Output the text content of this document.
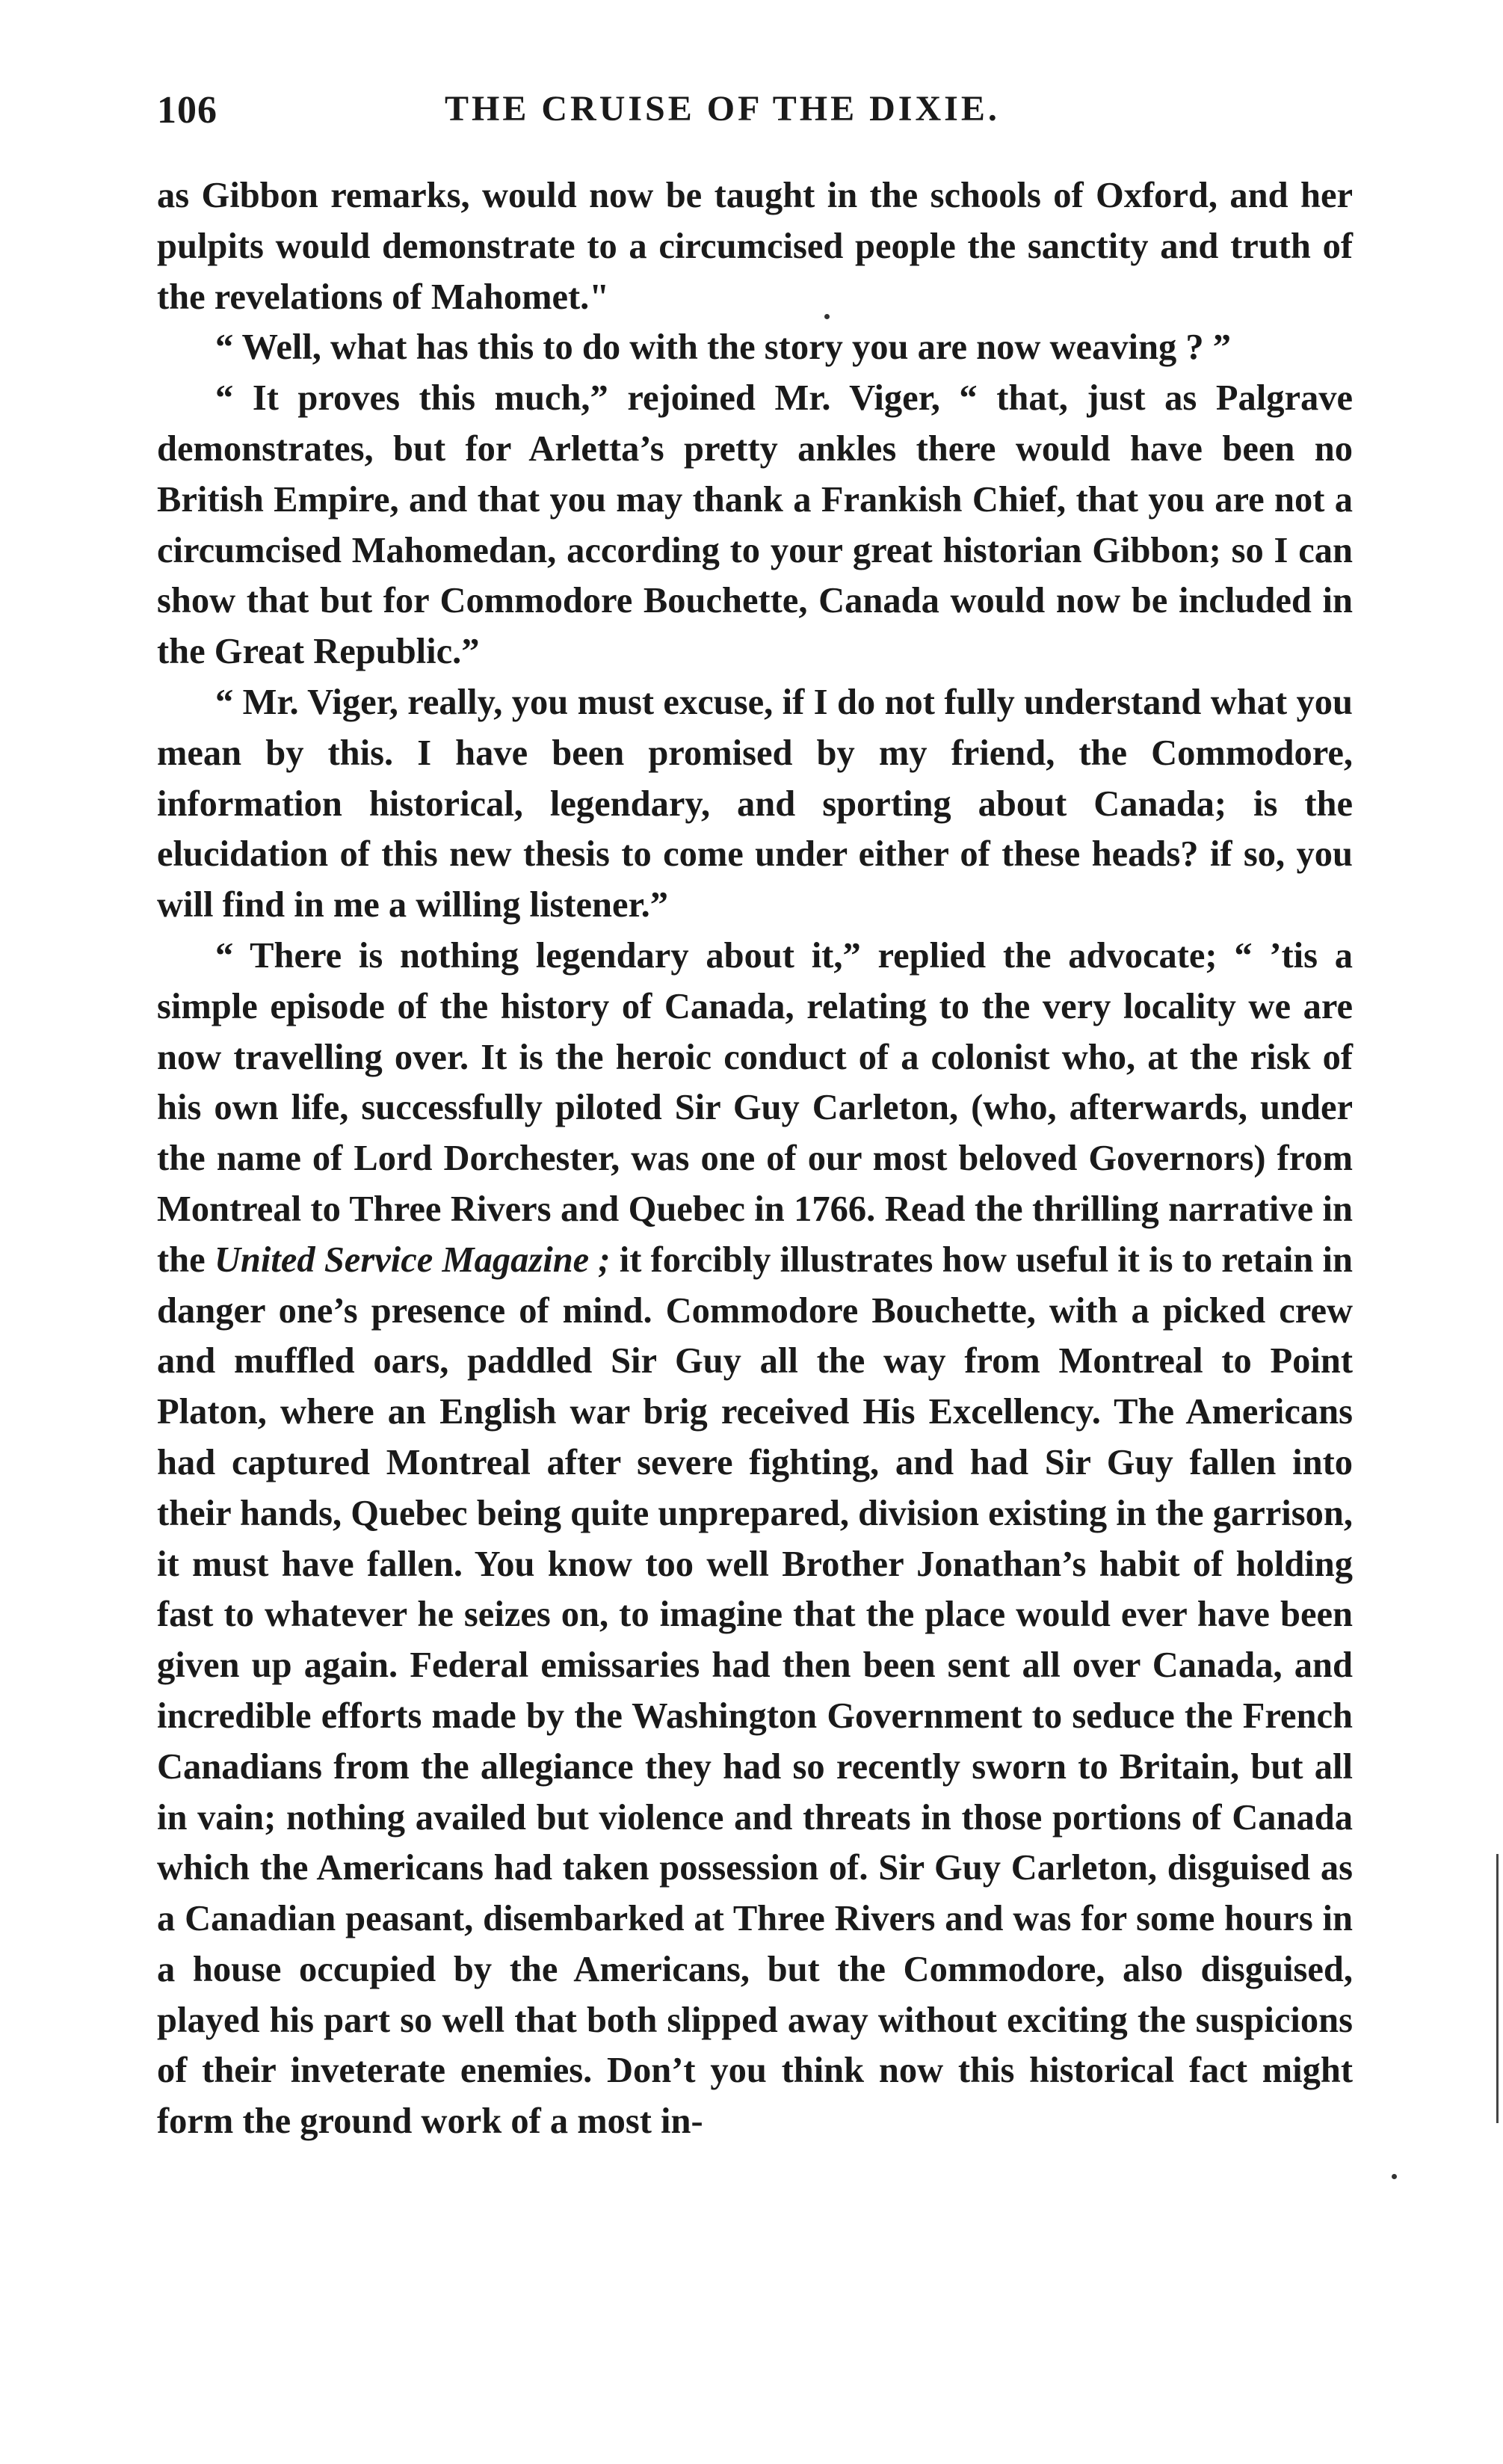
106	THE CRUISE OF THE DIXIE.

as Gibbon remarks, would now be taught in the schools of Oxford, and her pulpits would demonstrate to a circumcised people the sanctity and truth of the revelations of Mahomet."

“ Well, what has this to do with the story you are now weaving ? ”

“ It proves this much,” rejoined Mr. Viger, “ that, just as Palgrave demonstrates, but for Arletta’s pretty ankles there would have been no British Empire, and that you may thank a Frankish Chief, that you are not a circumcised Mahomedan, according to your great historian Gibbon; so I can show that but for Commodore Bouchette, Canada would now be included in the Great Republic.”

“ Mr. Viger, really, you must excuse, if I do not fully understand what you mean by this. I have been promised by my friend, the Commodore, information historical, legendary, and sporting about Canada; is the elucidation of this new thesis to come under either of these heads? if so, you will find in me a willing listener.”

“ There is nothing legendary about it,” replied the advocate; “ ’tis a simple episode of the history of Canada, relating to the very locality we are now travelling over. It is the heroic conduct of a colonist who, at the risk of his own life, successfully piloted Sir Guy Carleton, (who, afterwards, under the name of Lord Dorchester, was one of our most beloved Governors) from Montreal to Three Rivers and Quebec in 1766. Read the thrilling narrative in the United Service Magazine ; it forcibly illustrates how useful it is to retain in danger one’s presence of mind. Commodore Bouchette, with a picked crew and muffled oars, paddled Sir Guy all the way from Montreal to Point Platon, where an English war brig received His Excellency. The Americans had captured Montreal after severe fighting, and had Sir Guy fallen into their hands, Quebec being quite unprepared, division existing in the garrison, it must have fallen. You know too well Brother Jonathan’s habit of holding fast to whatever he seizes on, to imagine that the place would ever have been given up again. Federal emissaries had then been sent all over Canada, and incredible efforts made by the Washington Government to seduce the French Canadians from the allegiance they had so recently sworn to Britain, but all in vain; nothing availed but violence and threats in those portions of Canada which the Americans had taken possession of. Sir Guy Carleton, disguised as a Canadian peasant, disembarked at Three Rivers and was for some hours in a house occupied by the Americans, but the Commodore, also disguised, played his part so well that both slipped away without exciting the suspicions of their inveterate enemies. Don’t you think now this historical fact might form the ground work of a most in-
